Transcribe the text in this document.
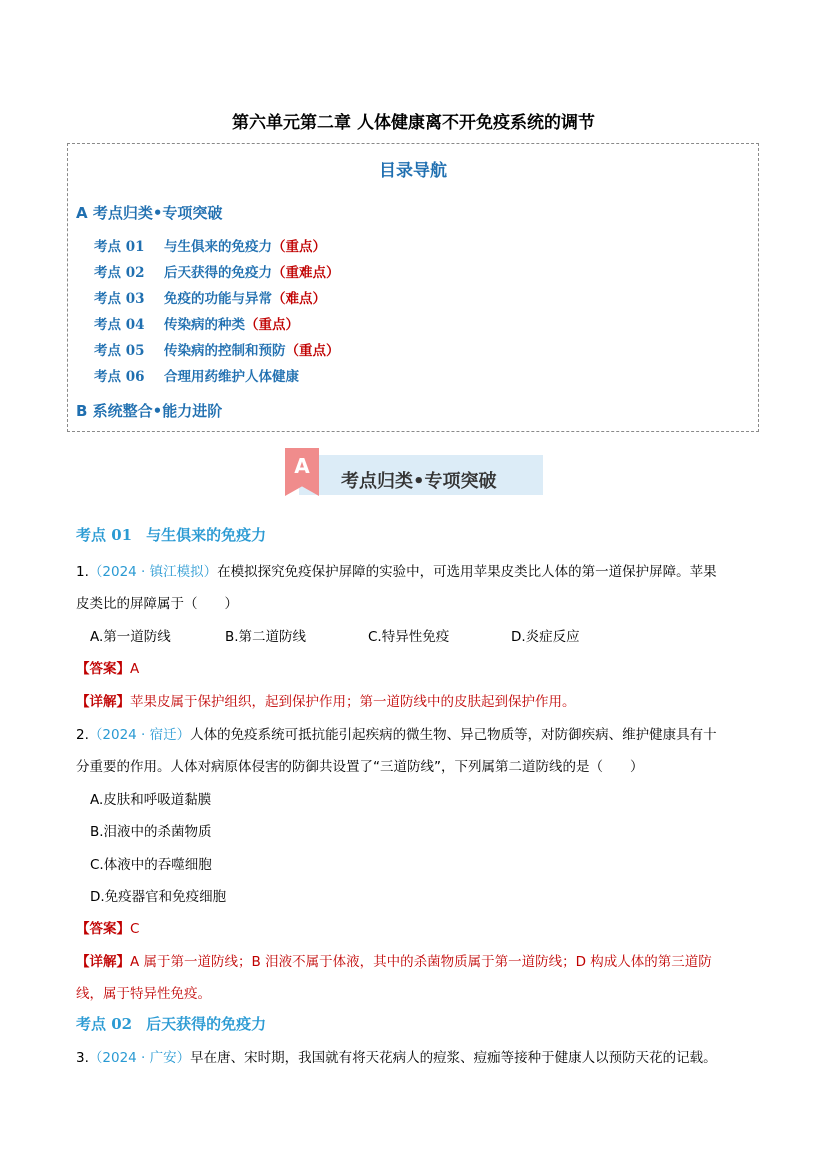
第六单元第二章 人体健康离不开免疫系统的调节
目录导航
A 考点归类•专项突破
考点 01 与生俱来的免疫力（重点）
考点 02 后天获得的免疫力（重难点）
考点 03 免疫的功能与异常（难点）
考点 04 传染病的种类（重点）
考点 05 传染病的控制和预防（重点）
考点 06 合理用药维护人体健康
B 系统整合•能力进阶
A
考点归类•专项突破
考点 01 与生俱来的免疫力
1.（2024 · 镇江模拟）在模拟探究免疫保护屏障的实验中，可选用苹果皮类比人体的第一道保护屏障。苹果
皮类比的屏障属于（　　）
A.第一道防线	B.第二道防线	C.特异性免疫	D.炎症反应
【答案】A
【详解】苹果皮属于保护组织，起到保护作用；第一道防线中的皮肤起到保护作用。
2.（2024 · 宿迁）人体的免疫系统可抵抗能引起疾病的微生物、异己物质等，对防御疾病、维护健康具有十
分重要的作用。人体对病原体侵害的防御共设置了“三道防线”，下列属第二道防线的是（　　）
A.皮肤和呼吸道黏膜
B.泪液中的杀菌物质
C.体液中的吞噬细胞
D.免疫器官和免疫细胞
【答案】C
【详解】A 属于第一道防线；B 泪液不属于体液，其中的杀菌物质属于第一道防线；D 构成人体的第三道防
线，属于特异性免疫。
考点 02 后天获得的免疫力
3.（2024 · 广安）早在唐、宋时期，我国就有将天花病人的痘浆、痘痂等接种于健康人以预防天花的记载。
